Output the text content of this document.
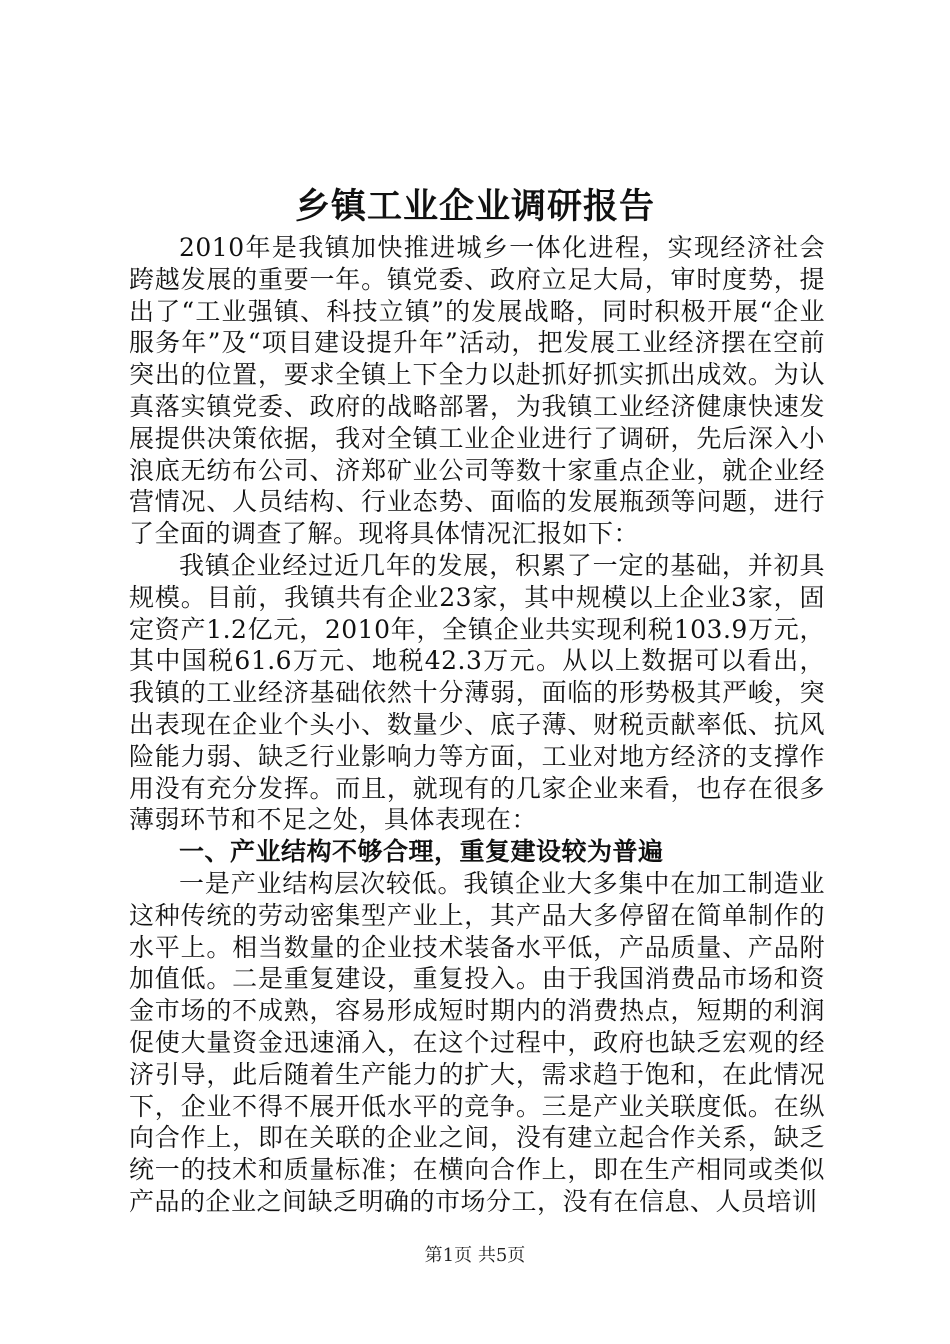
乡镇工业企业调研报告

2010年是我镇加快推进城乡一体化进程，实现经济社会跨越发展的重要一年。镇党委、政府立足大局，审时度势，提出了“工业强镇、科技立镇”的发展战略，同时积极开展“企业服务年”及“项目建设提升年”活动，把发展工业经济摆在空前突出的位置，要求全镇上下全力以赴抓好抓实抓出成效。为认真落实镇党委、政府的战略部署，为我镇工业经济健康快速发展提供决策依据，我对全镇工业企业进行了调研，先后深入小浪底无纺布公司、济郑矿业公司等数十家重点企业，就企业经营情况、人员结构、行业态势、面临的发展瓶颈等问题，进行了全面的调查了解。现将具体情况汇报如下：

我镇企业经过近几年的发展，积累了一定的基础，并初具规模。目前，我镇共有企业23家，其中规模以上企业3家，固定资产1.2亿元，2010年，全镇企业共实现利税103.9万元，其中国税61.6万元、地税42.3万元。从以上数据可以看出，我镇的工业经济基础依然十分薄弱，面临的形势极其严峻，突出表现在企业个头小、数量少、底子薄、财税贡献率低、抗风险能力弱、缺乏行业影响力等方面，工业对地方经济的支撑作用没有充分发挥。而且，就现有的几家企业来看，也存在很多薄弱环节和不足之处，具体表现在：

一、产业结构不够合理，重复建设较为普遍

一是产业结构层次较低。我镇企业大多集中在加工制造业这种传统的劳动密集型产业上，其产品大多停留在简单制作的水平上。相当数量的企业技术装备水平低，产品质量、产品附加值低。二是重复建设，重复投入。由于我国消费品市场和资金市场的不成熟，容易形成短时期内的消费热点，短期的利润促使大量资金迅速涌入，在这个过程中，政府也缺乏宏观的经济引导，此后随着生产能力的扩大，需求趋于饱和，在此情况下，企业不得不展开低水平的竞争。三是产业关联度低。在纵向合作上，即在关联的企业之间，没有建立起合作关系，缺乏统一的技术和质量标准；在横向合作上，即在生产相同或类似产品的企业之间缺乏明确的市场分工，没有在信息、人员培训

第1页 共5页
